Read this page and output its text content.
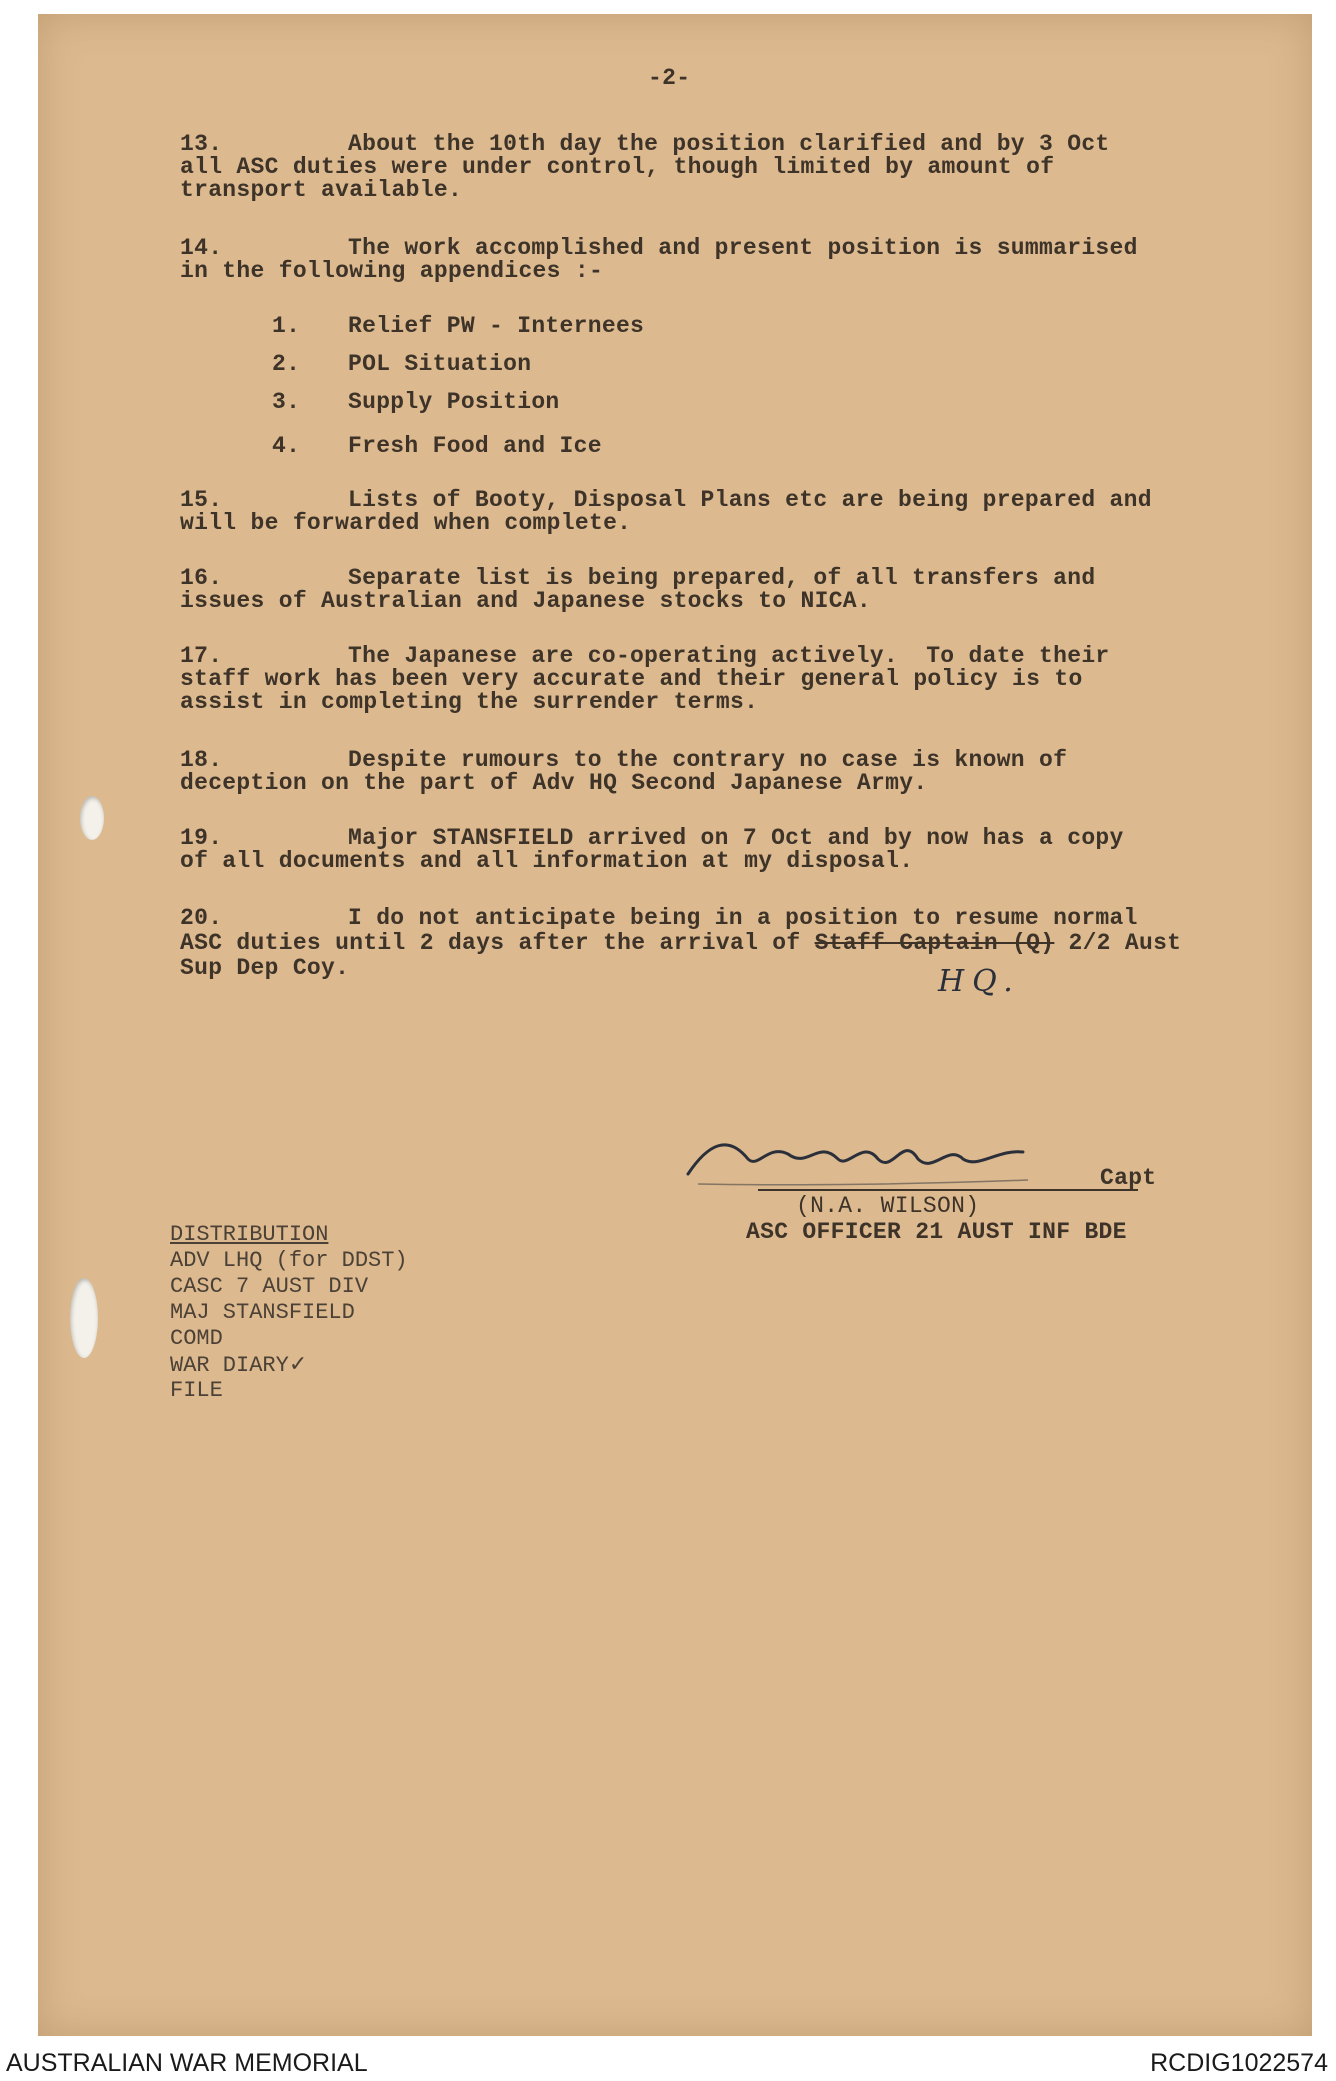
-2-
13.	About the 10th day the position clarified and by 3 Oct
all ASC duties were under control, though limited by amount of
transport available.
14.	The work accomplished and present position is summarised
in the following appendices :-
1. Relief PW - Internees
2. POL Situation
3. Supply Position
4. Fresh Food and Ice
15.	Lists of Booty, Disposal Plans etc are being prepared and
will be forwarded when complete.
16.	Separate list is being prepared, of all transfers and
issues of Australian and Japanese stocks to NICA.
17.	The Japanese are co-operating actively.  To date their
staff work has been very accurate and their general policy is to
assist in completing the surrender terms.
18.	Despite rumours to the contrary no case is known of
deception on the part of Adv HQ Second Japanese Army.
19.	Major STANSFIELD arrived on 7 Oct and by now has a copy
of all documents and all information at my disposal.
20.	I do not anticipate being in a position to resume normal
ASC duties until 2 days after the arrival of Staff Captain (Q) 2/2 Aust
Sup Dep Coy.	HQ.
Capt
(N.A. WILSON)
ASC OFFICER 21 AUST INF BDE
DISTRIBUTION
ADV LHQ (for DDST)
CASC 7 AUST DIV
MAJ STANSFIELD
COMD
WAR DIARY✓
FILE
AUSTRALIAN WAR MEMORIAL	RCDIG1022574
